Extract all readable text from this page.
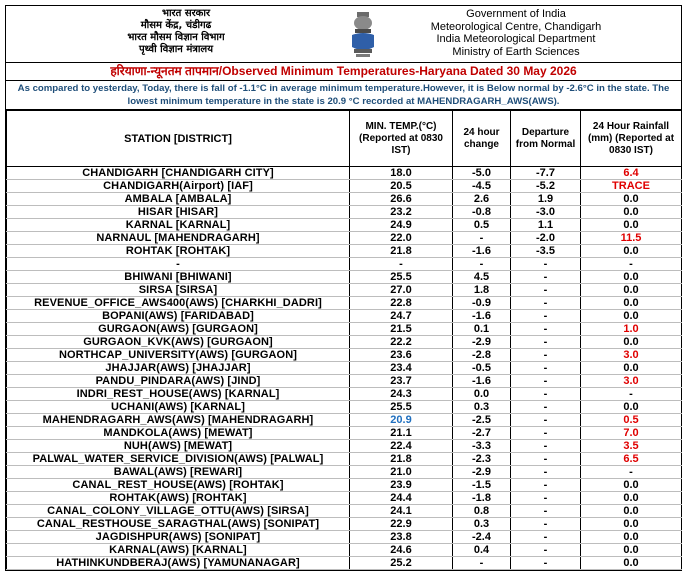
भारत सरकार
मौसम केंद्र, चंडीगढ
भारत मौसम विज्ञान विभाग
पृथ्वी विज्ञान मंत्रालय
Government of India
Meteorological Centre, Chandigarh
India Meteorological Department
Ministry of Earth Sciences
हरियाणा-न्यूनतम तापमान/Observed Minimum Temperatures-Haryana Dated 30 May 2026
As compared to yesterday, Today, there is fall of -1.1°C in average minimum temperature.However, it is Below normal by -2.6°C in the state. The lowest minimum temperature in the state is 20.9 °C recorded at MAHENDRAGARH_AWS(AWS).
STATION [DISTRICT]	MIN. TEMP.(°C) (Reported at 0830 IST)	24 hour change	Departure from Normal	24 Hour Rainfall (mm) (Reported at 0830 IST)
CHANDIGARH [CHANDIGARH CITY]	18.0	-5.0	-7.7	6.4
CHANDIGARH(Airport) [IAF]	20.5	-4.5	-5.2	TRACE
AMBALA [AMBALA]	26.6	2.6	1.9	0.0
HISAR [HISAR]	23.2	-0.8	-3.0	0.0
KARNAL [KARNAL]	24.9	0.5	1.1	0.0
NARNAUL [MAHENDRAGARH]	22.0	-	-2.0	11.5
ROHTAK [ROHTAK]	21.8	-1.6	-3.5	0.0
-	-	-	-	-
BHIWANI [BHIWANI]	25.5	4.5	-	0.0
SIRSA [SIRSA]	27.0	1.8	-	0.0
REVENUE_OFFICE_AWS400(AWS) [CHARKHI_DADRI]	22.8	-0.9	-	0.0
BOPANI(AWS) [FARIDABAD]	24.7	-1.6	-	0.0
GURGAON(AWS) [GURGAON]	21.5	0.1	-	1.0
GURGAON_KVK(AWS) [GURGAON]	22.2	-2.9	-	0.0
NORTHCAP_UNIVERSITY(AWS) [GURGAON]	23.6	-2.8	-	3.0
JHAJJAR(AWS) [JHAJJAR]	23.4	-0.5	-	0.0
PANDU_PINDARA(AWS) [JIND]	23.7	-1.6	-	3.0
INDRI_REST_HOUSE(AWS) [KARNAL]	24.3	0.0	-	-
UCHANI(AWS) [KARNAL]	25.5	0.3	-	0.0
MAHENDRAGARH_AWS(AWS) [MAHENDRAGARH]	20.9	-2.5	-	0.5
MANDKOLA(AWS) [MEWAT]	21.1	-2.7	-	7.0
NUH(AWS) [MEWAT]	22.4	-3.3	-	3.5
PALWAL_WATER_SERVICE_DIVISION(AWS) [PALWAL]	21.8	-2.3	-	6.5
BAWAL(AWS) [REWARI]	21.0	-2.9	-	-
CANAL_REST_HOUSE(AWS) [ROHTAK]	23.9	-1.5	-	0.0
ROHTAK(AWS) [ROHTAK]	24.4	-1.8	-	0.0
CANAL_COLONY_VILLAGE_OTTU(AWS) [SIRSA]	24.1	0.8	-	0.0
CANAL_RESTHOUSE_SARAGTHAL(AWS) [SONIPAT]	22.9	0.3	-	0.0
JAGDISHPUR(AWS) [SONIPAT]	23.8	-2.4	-	0.0
KARNAL(AWS) [KARNAL]	24.6	0.4	-	0.0
HATHINKUNDBERAJ(AWS) [YAMUNANAGAR]	25.2	-	-	0.0
